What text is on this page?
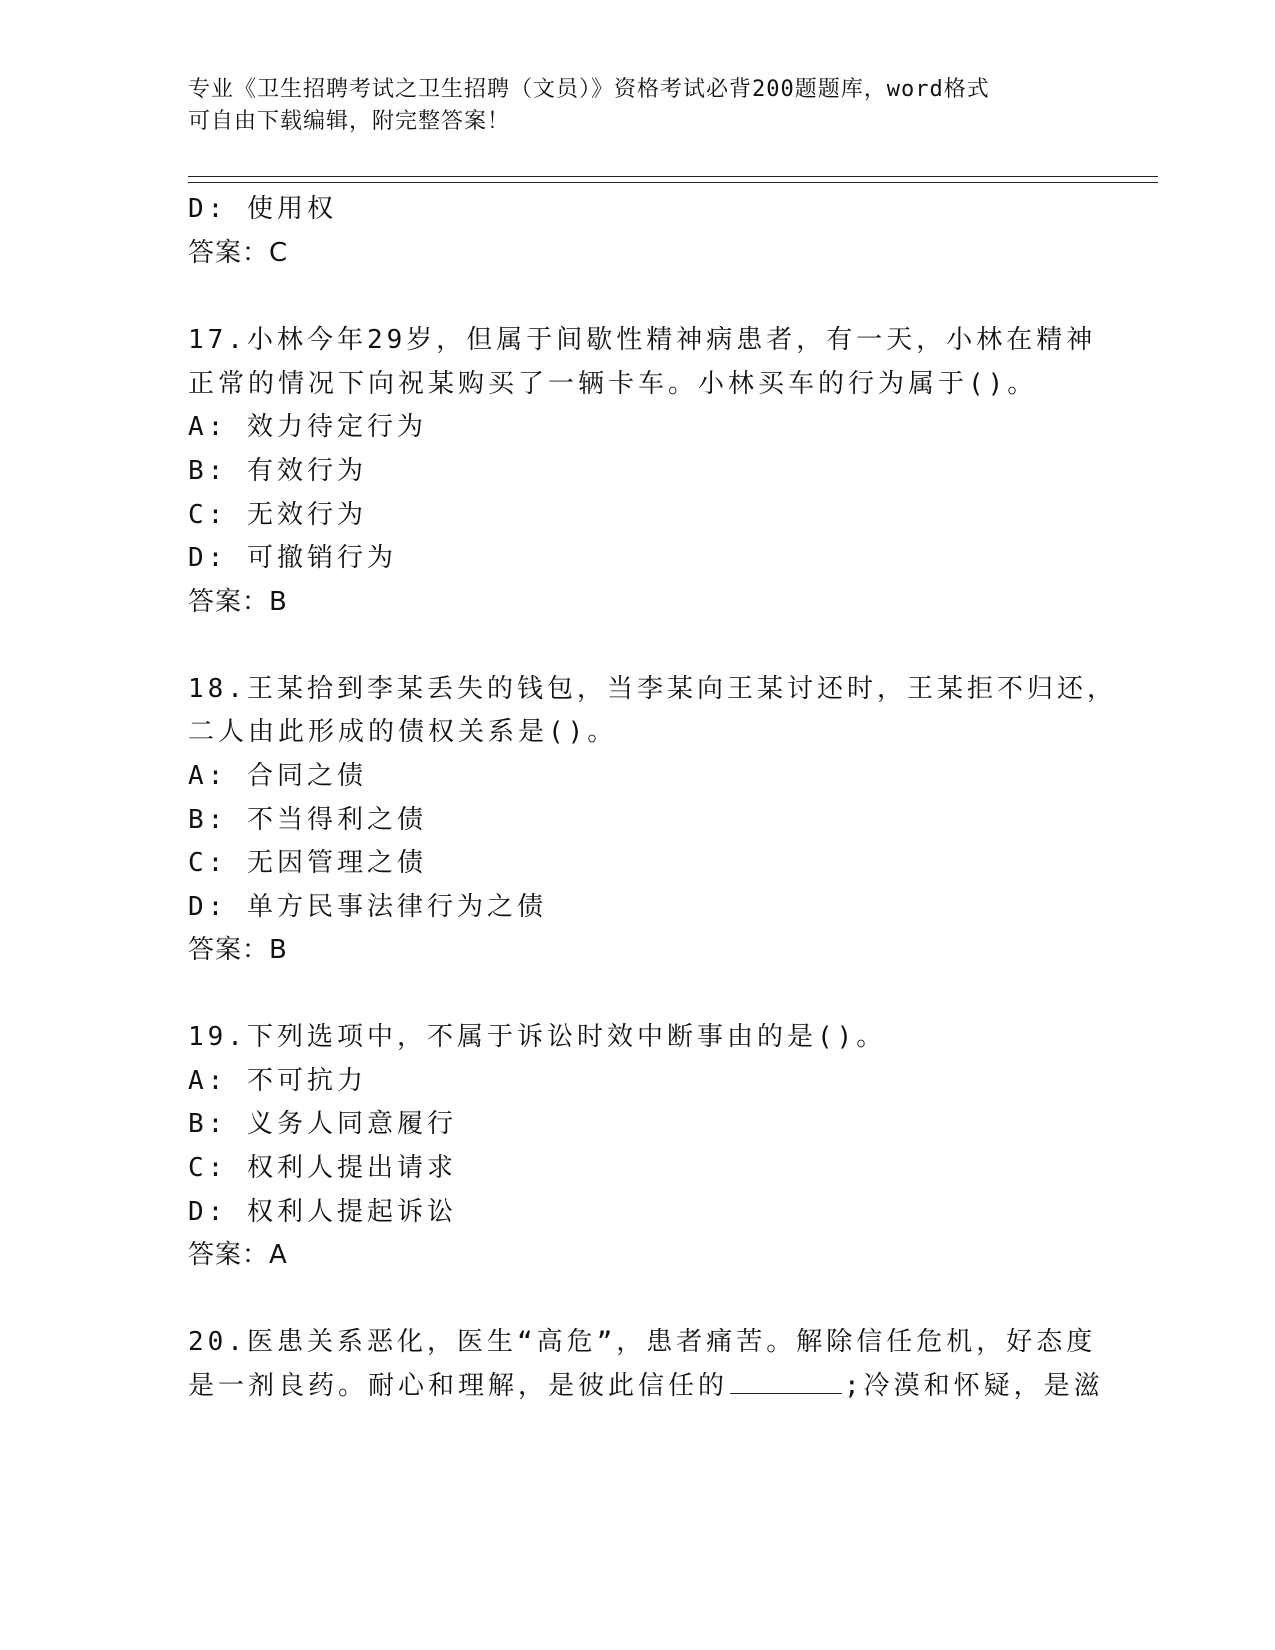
专业《卫生招聘考试之卫生招聘（文员）》资格考试必背200题题库，word格式
可自由下载编辑，附完整答案！
D: 使用权
答案：C
17.小林今年29岁，但属于间歇性精神病患者，有一天，小林在精神
正常的情况下向祝某购买了一辆卡车。小林买车的行为属于()。
A: 效力待定行为
B: 有效行为
C: 无效行为
D: 可撤销行为
答案：B
18.王某拾到李某丢失的钱包，当李某向王某讨还时，王某拒不归还，
二人由此形成的债权关系是()。
A: 合同之债
B: 不当得利之债
C: 无因管理之债
D: 单方民事法律行为之债
答案：B
19.下列选项中，不属于诉讼时效中断事由的是()。
A: 不可抗力
B: 义务人同意履行
C: 权利人提出请求
D: 权利人提起诉讼
答案：A
20.医患关系恶化，医生“高危”，患者痛苦。解除信任危机，好态度
是一剂良药。耐心和理解，是彼此信任的	;冷漠和怀疑，是滋
